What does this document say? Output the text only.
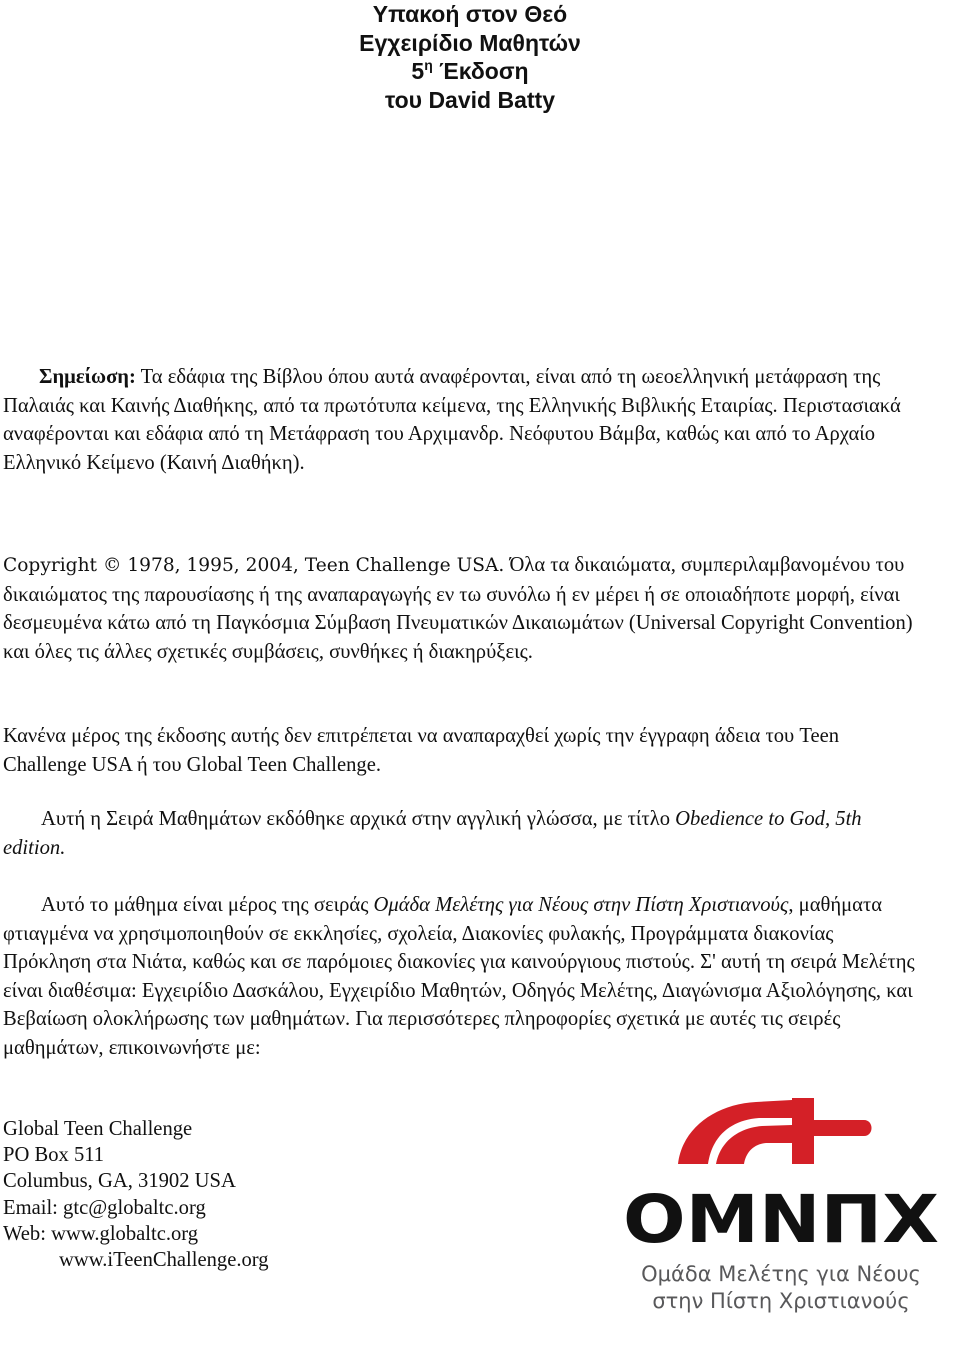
Υπακοή στον Θεό
Εγχειρίδιο Μαθητών
$5^\eta$ Έκδοση
του David Batty

Σημείωση: Τα εδάφια της Βίβλου όπου αυτά αναφέρονται, είναι από τη ωεοελληνική μετάφραση της Παλαιάς και Καινής Διαθήκης, από τα πρωτότυπα κείμενα, της Ελληνικής Βιβλικής Εταιρίας. Περιστασιακά αναφέρονται και εδάφια από τη Μετάφραση του Αρχιμανδρ. Νεόφυτου Βάμβα, καθώς και από το Αρχαίο Ελληνικό Κείμενο (Καινή Διαθήκη).

Copyright © 1978, 1995, 2004, Teen Challenge USA. Όλα τα δικαιώματα, συμπεριλαμβανομένου του δικαιώματος της παρουσίασης ή της αναπαραγωγής εν τω συνόλω ή εν μέρει ή σε οποιαδήποτε μορφή, είναι δεσμευμένα κάτω από τη Παγκόσμια Σύμβαση Πνευματικών Δικαιωμάτων (Universal Copyright Convention) και όλες τις άλλες σχετικές συμβάσεις, συνθήκες ή διακηρύξεις.

Κανένα μέρος της έκδοσης αυτής δεν επιτρέπεται να αναπαραχθεί χωρίς την έγγραφη άδεια του Teen Challenge USA ή του Global Teen Challenge.

Αυτή η Σειρά Μαθημάτων εκδόθηκε αρχικά στην αγγλική γλώσσα, με τίτλο Obedience to God, 5th edition.

Αυτό το μάθημα είναι μέρος της σειράς Ομάδα Μελέτης για Νέους στην Πίστη Χριστιανούς, μαθήματα φτιαγμένα να χρησιμοποιηθούν σε εκκλησίες, σχολεία, Διακονίες φυλακής, Προγράμματα διακονίας Πρόκληση στα Νιάτα, καθώς και σε παρόμοιες διακονίες για καινούργιους πιστούς. Σ' αυτή τη σειρά Μελέτης είναι διαθέσιμα: Εγχειρίδιο Δασκάλου, Εγχειρίδιο Μαθητών, Οδηγός Μελέτης, Διαγώνισμα Αξιολόγησης, και Βεβαίωση ολοκλήρωσης των μαθημάτων. Για περισσότερες πληροφορίες σχετικά με αυτές τις σειρές μαθημάτων, επικοινωνήστε με:

Global Teen Challenge
PO Box 511
Columbus, GA, 31902 USA
Email: gtc@globaltc.org
Web: www.globaltc.org
www.iTeenChallenge.org
ΟΜΝΠΧ
Ομάδα Μελέτης για Νέους
στην Πίστη Χριστιανούς
